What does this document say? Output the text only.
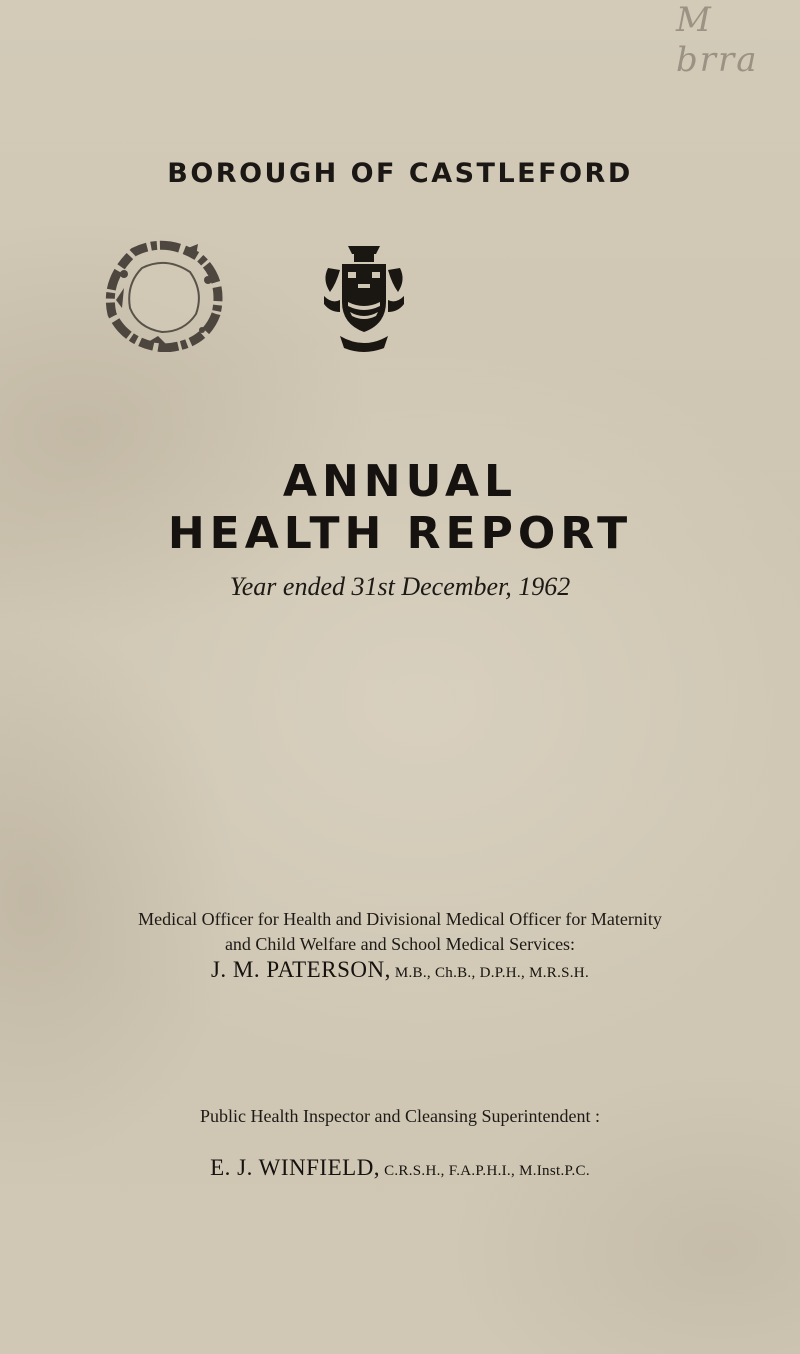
M brra
BOROUGH OF CASTLEFORD
ANNUAL
HEALTH REPORT
Year ended 31st December, 1962
Medical Officer for Health and Divisional Medical Officer for Maternity
and Child Welfare and School Medical Services:
J. M. PATERSON, M.B., Ch.B., D.P.H., M.R.S.H.
Public Health Inspector and Cleansing Superintendent :
E. J. WINFIELD, C.R.S.H., F.A.P.H.I., M.Inst.P.C.
